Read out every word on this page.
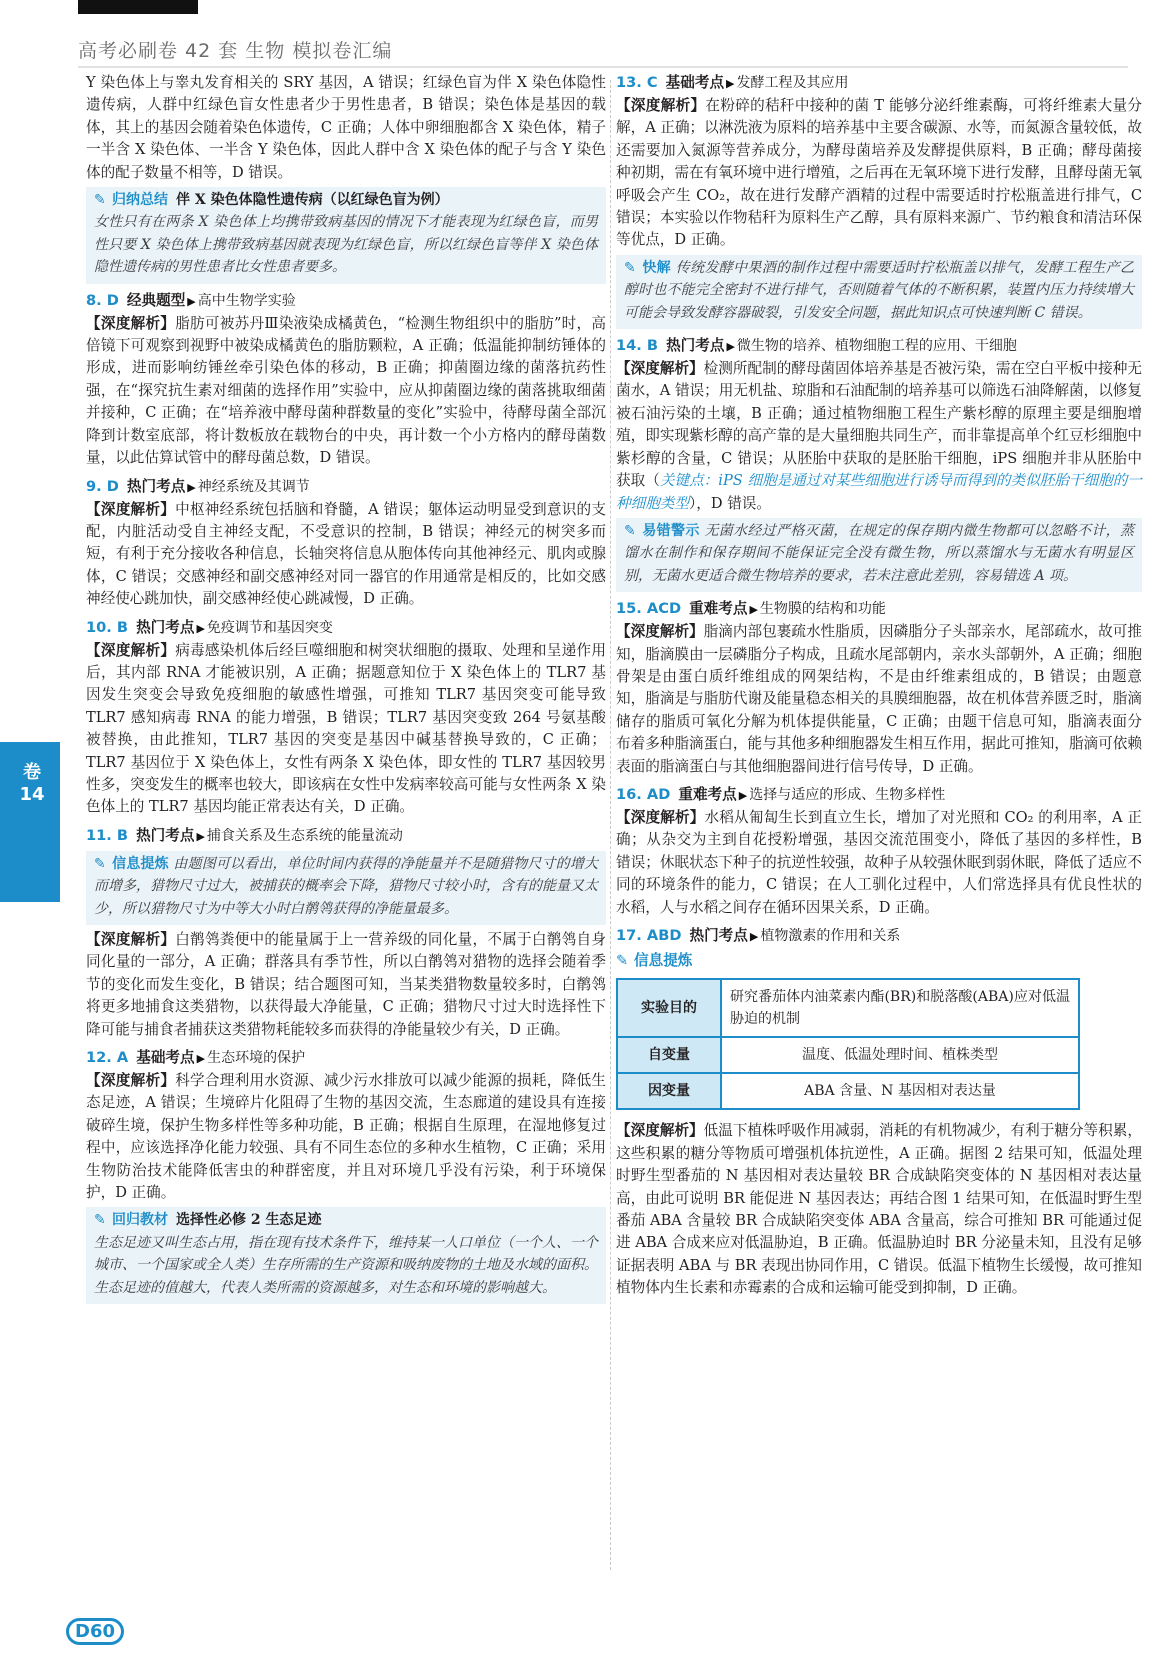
高考必刷卷 42 套 生物 模拟卷汇编
卷
14

Y 染色体上与睾丸发育相关的 SRY 基因，A 错误；红绿色盲为伴 X 染色体隐性遗传病，人群中红绿色盲女性患者少于男性患者，B 错误；染色体是基因的载体，其上的基因会随着染色体遗传，C 正确；人体中卵细胞都含 X 染色体，精子一半含 X 染色体、一半含 Y 染色体，因此人群中含 X 染色体的配子与含 Y 染色体的配子数量不相等，D 错误。

✎ 归纳总结 伴 X 染色体隐性遗传病（以红绿色盲为例）
女性只有在两条 X 染色体上均携带致病基因的情况下才能表现为红绿色盲，而男性只要 X 染色体上携带致病基因就表现为红绿色盲，所以红绿色盲等伴 X 染色体隐性遗传病的男性患者比女性患者要多。
8. D 经典题型 ▶ 高中生物学实验

【深度解析】脂肪可被苏丹Ⅲ染液染成橘黄色，“检测生物组织中的脂肪”时，高倍镜下可观察到视野中被染成橘黄色的脂肪颗粒，A 正确；低温能抑制纺锤体的形成，进而影响纺锤丝牵引染色体的移动，B 正确；抑菌圈边缘的菌落抗药性强，在“探究抗生素对细菌的选择作用”实验中，应从抑菌圈边缘的菌落挑取细菌并接种，C 正确；在“培养液中酵母菌种群数量的变化”实验中，待酵母菌全部沉降到计数室底部，将计数板放在载物台的中央，再计数一个小方格内的酵母菌数量，以此估算试管中的酵母菌总数，D 错误。

9. D 热门考点 ▶ 神经系统及其调节

【深度解析】中枢神经系统包括脑和脊髓，A 错误；躯体运动明显受到意识的支配，内脏活动受自主神经支配，不受意识的控制，B 错误；神经元的树突多而短，有利于充分接收各种信息，长轴突将信息从胞体传向其他神经元、肌肉或腺体，C 错误；交感神经和副交感神经对同一器官的作用通常是相反的，比如交感神经使心跳加快，副交感神经使心跳减慢，D 正确。

10. B 热门考点 ▶ 免疫调节和基因突变

【深度解析】病毒感染机体后经巨噬细胞和树突状细胞的摄取、处理和呈递作用后，其内部 RNA 才能被识别，A 正确；据题意知位于 X 染色体上的 TLR7 基因发生突变会导致免疫细胞的敏感性增强，可推知 TLR7 基因突变可能导致 TLR7 感知病毒 RNA 的能力增强，B 错误；TLR7 基因突变致 264 号氨基酸被替换，由此推知，TLR7 基因的突变是基因中碱基替换导致的，C 正确；TLR7 基因位于 X 染色体上，女性有两条 X 染色体，即女性的 TLR7 基因较男性多，突变发生的概率也较大，即该病在女性中发病率较高可能与女性两条 X 染色体上的 TLR7 基因均能正常表达有关，D 正确。

11. B 热门考点 ▶ 捕食关系及生态系统的能量流动
✎ 信息提炼 由题图可以看出，单位时间内获得的净能量并不是随猎物尺寸的增大而增多，猎物尺寸过大，被捕获的概率会下降，猎物尺寸较小时，含有的能量又太少，所以猎物尺寸为中等大小时白鹡鸰获得的净能量最多。

【深度解析】白鹡鸰粪便中的能量属于上一营养级的同化量，不属于白鹡鸰自身同化量的一部分，A 正确；群落具有季节性，所以白鹡鸰对猎物的选择会随着季节的变化而发生变化，B 错误；结合题图可知，当某类猎物数量较多时，白鹡鸰将更多地捕食这类猎物，以获得最大净能量，C 正确；猎物尺寸过大时选择性下降可能与捕食者捕获这类猎物耗能较多而获得的净能量较少有关，D 正确。

12. A 基础考点 ▶ 生态环境的保护

【深度解析】科学合理利用水资源、减少污水排放可以减少能源的损耗，降低生态足迹，A 错误；生境碎片化阻碍了生物的基因交流，生态廊道的建设具有连接破碎生境，保护生物多样性等多种功能，B 正确；根据自生原理，在湿地修复过程中，应该选择净化能力较强、具有不同生态位的多种水生植物，C 正确；采用生物防治技术能降低害虫的种群密度，并且对环境几乎没有污染，利于环境保护，D 正确。

✎ 回归教材 选择性必修 2 生态足迹
生态足迹又叫生态占用，指在现有技术条件下，维持某一人口单位（一个人、一个城市、一个国家或全人类）生存所需的生产资源和吸纳废物的土地及水域的面积。生态足迹的值越大，代表人类所需的资源越多，对生态和环境的影响越大。
13. C 基础考点 ▶ 发酵工程及其应用

【深度解析】在粉碎的秸秆中接种的菌 T 能够分泌纤维素酶，可将纤维素大量分解，A 正确；以淋洗液为原料的培养基中主要含碳源、水等，而氮源含量较低，故还需要加入氮源等营养成分，为酵母菌培养及发酵提供原料，B 正确；酵母菌接种初期，需在有氧环境中进行增殖，之后再在无氧环境下进行发酵，且酵母菌无氧呼吸会产生 CO₂，故在进行发酵产酒精的过程中需要适时拧松瓶盖进行排气，C 错误；本实验以作物秸秆为原料生产乙醇，具有原料来源广、节约粮食和清洁环保等优点，D 正确。

✎ 快解 传统发酵中果酒的制作过程中需要适时拧松瓶盖以排气，发酵工程生产乙醇时也不能完全密封不进行排气，否则随着气体的不断积累，装置内压力持续增大可能会导致发酵容器破裂，引发安全问题，据此知识点可快速判断 C 错误。
14. B 热门考点 ▶ 微生物的培养、植物细胞工程的应用、干细胞

【深度解析】检测所配制的酵母菌固体培养基是否被污染，需在空白平板中接种无菌水，A 错误；用无机盐、琼脂和石油配制的培养基可以筛选石油降解菌，以修复被石油污染的土壤，B 正确；通过植物细胞工程生产紫杉醇的原理主要是细胞增殖，即实现紫杉醇的高产靠的是大量细胞共同生产，而非靠提高单个红豆杉细胞中紫杉醇的含量，C 错误；从胚胎中获取的是胚胎干细胞，iPS 细胞并非从胚胎中获取（关键点：iPS 细胞是通过对某些细胞进行诱导而得到的类似胚胎干细胞的一种细胞类型），D 错误。

✎ 易错警示 无菌水经过严格灭菌，在规定的保存期内微生物都可以忽略不计，蒸馏水在制作和保存期间不能保证完全没有微生物，所以蒸馏水与无菌水有明显区别，无菌水更适合微生物培养的要求，若未注意此差别，容易错选 A 项。
15. ACD 重难考点 ▶ 生物膜的结构和功能

【深度解析】脂滴内部包裹疏水性脂质，因磷脂分子头部亲水，尾部疏水，故可推知，脂滴膜由一层磷脂分子构成，且疏水尾部朝内，亲水头部朝外，A 正确；细胞骨架是由蛋白质纤维组成的网架结构，不是由纤维素组成的，B 错误；由题意知，脂滴是与脂肪代谢及能量稳态相关的具膜细胞器，故在机体营养匮乏时，脂滴储存的脂质可氧化分解为机体提供能量，C 正确；由题干信息可知，脂滴表面分布着多种脂滴蛋白，能与其他多种细胞器发生相互作用，据此可推知，脂滴可依赖表面的脂滴蛋白与其他细胞器间进行信号传导，D 正确。

16. AD 重难考点 ▶ 选择与适应的形成、生物多样性

【深度解析】水稻从匍匐生长到直立生长，增加了对光照和 CO₂ 的利用率，A 正确；从杂交为主到自花授粉增强，基因交流范围变小，降低了基因的多样性，B 错误；休眠状态下种子的抗逆性较强，故种子从较强休眠到弱休眠，降低了适应不同的环境条件的能力，C 错误；在人工驯化过程中，人们常选择具有优良性状的水稻，人与水稻之间存在循环因果关系，D 正确。

17. ABD 热门考点 ▶ 植物激素的作用和关系
✎ 信息提炼
实验目的	研究番茄体内油菜素内酯(BR)和脱落酸(ABA)应对低温胁迫的机制
自变量	温度、低温处理时间、植株类型
因变量	ABA 含量、N 基因相对表达量

【深度解析】低温下植株呼吸作用减弱，消耗的有机物减少，有利于糖分等积累，这些积累的糖分等物质可增强机体抗逆性，A 正确。据图 2 结果可知，低温处理时野生型番茄的 N 基因相对表达量较 BR 合成缺陷突变体的 N 基因相对表达量高，由此可说明 BR 能促进 N 基因表达；再结合图 1 结果可知，在低温时野生型番茄 ABA 含量较 BR 合成缺陷突变体 ABA 含量高，综合可推知 BR 可能通过促进 ABA 合成来应对低温胁迫，B 正确。低温胁迫时 BR 分泌量未知，且没有足够证据表明 ABA 与 BR 表现出协同作用，C 错误。低温下植物生长缓慢，故可推知植物体内生长素和赤霉素的合成和运输可能受到抑制，D 正确。

D60
